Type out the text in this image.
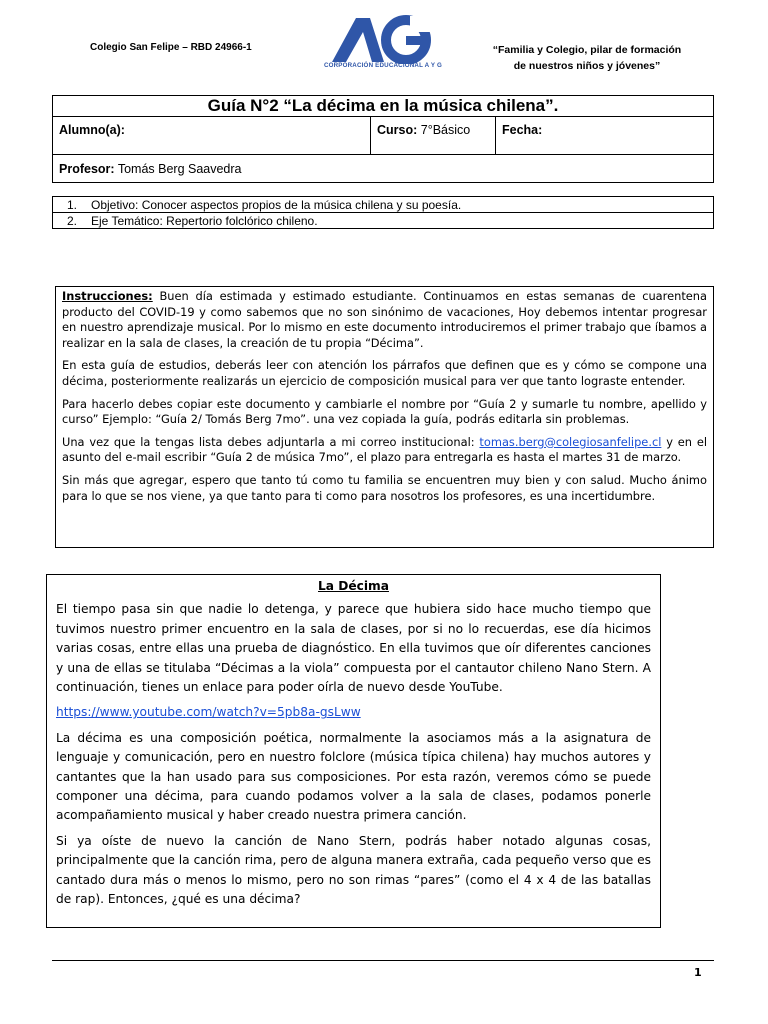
Colegio San Felipe – RBD 24966-1
CORPORACIÓN EDUCACIONAL A Y G
“Familia y Colegio, pilar de formación
de nuestros niños y jóvenes”
Guía N°2 “La décima en la música chilena”.
Alumno(a):	Curso: 7°Básico	Fecha:
Profesor: Tomás Berg Saavedra
1. Objetivo: Conocer aspectos propios de la música chilena y su poesía.
2. Eje Temático: Repertorio folclórico chileno.

Instrucciones: Buen día estimada y estimado estudiante. Continuamos en estas semanas de cuarentena producto del COVID-19 y como sabemos que no son sinónimo de vacaciones, Hoy debemos intentar progresar en nuestro aprendizaje musical. Por lo mismo en este documento introduciremos el primer trabajo que íbamos a realizar en la sala de clases, la creación de tu propia “Décima”.

En esta guía de estudios, deberás leer con atención los párrafos que definen que es y cómo se compone una décima, posteriormente realizarás un ejercicio de composición musical para ver que tanto lograste entender.

Para hacerlo debes copiar este documento y cambiarle el nombre por “Guía 2 y sumarle tu nombre, apellido y curso” Ejemplo: “Guía 2/ Tomás Berg 7mo”. una vez copiada la guía, podrás editarla sin problemas.

Una vez que la tengas lista debes adjuntarla a mi correo institucional: tomas.berg@colegiosanfelipe.cl y en el asunto del e-mail escribir “Guía 2 de música 7mo”, el plazo para entregarla es hasta el martes 31 de marzo.

Sin más que agregar, espero que tanto tú como tu familia se encuentren muy bien y con salud. Mucho ánimo para lo que se nos viene, ya que tanto para ti como para nosotros los profesores, es una incertidumbre.

La Décima

El tiempo pasa sin que nadie lo detenga, y parece que hubiera sido hace mucho tiempo que tuvimos nuestro primer encuentro en la sala de clases, por si no lo recuerdas, ese día hicimos varias cosas, entre ellas una prueba de diagnóstico. En ella tuvimos que oír diferentes canciones y una de ellas se titulaba “Décimas a la viola” compuesta por el cantautor chileno Nano Stern. A continuación, tienes un enlace para poder oírla de nuevo desde YouTube.

https://www.youtube.com/watch?v=5pb8a-gsLww

La décima es una composición poética, normalmente la asociamos más a la asignatura de lenguaje y comunicación, pero en nuestro folclore (música típica chilena) hay muchos autores y cantantes que la han usado para sus composiciones. Por esta razón, veremos cómo se puede componer una décima, para cuando podamos volver a la sala de clases, podamos ponerle acompañamiento musical y haber creado nuestra primera canción.

Si ya oíste de nuevo la canción de Nano Stern, podrás haber notado algunas cosas, principalmente que la canción rima, pero de alguna manera extraña, cada pequeño verso que es cantado dura más o menos lo mismo, pero no son rimas “pares” (como el 4 x 4 de las batallas de rap). Entonces, ¿qué es una décima?

1
